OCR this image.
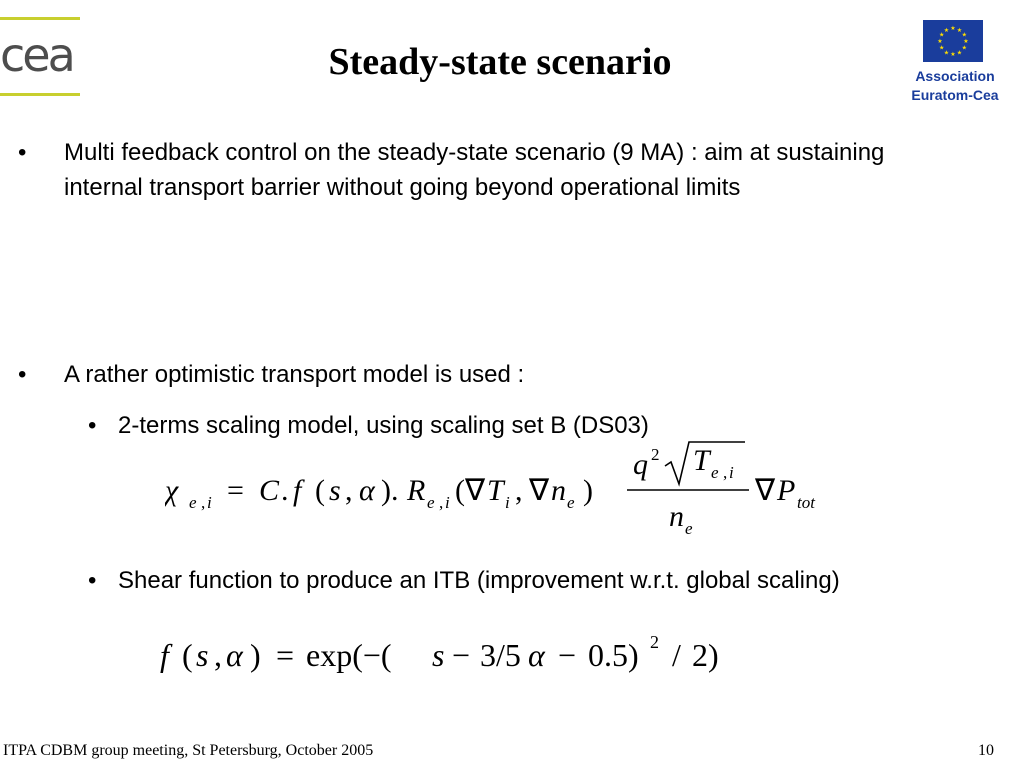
cea	Steady-state scenario
★ ★
★
★
★
★
★
★
★
★
★
★
Association
Euratom-Cea
• Multi feedback control on the steady-state scenario (9 MA) : aim at sustaining internal transport barrier without going beyond operational limits
• A rather optimistic transport model is used :
• 2-terms scaling model, using scaling set B (DS03)
χ e , i = C . f ( s , α ). R e , i (∇ T i , ∇ n e )
q 2 T e , i
n e
∇ P tot
• Shear function to produce an ITB (improvement w.r.t. global scaling)
f ( s , α ) = exp(−( s − 3/5 α − 0.5) 2 / 2)
ITPA CDBM group meeting, St Petersburg, October 2005	10
